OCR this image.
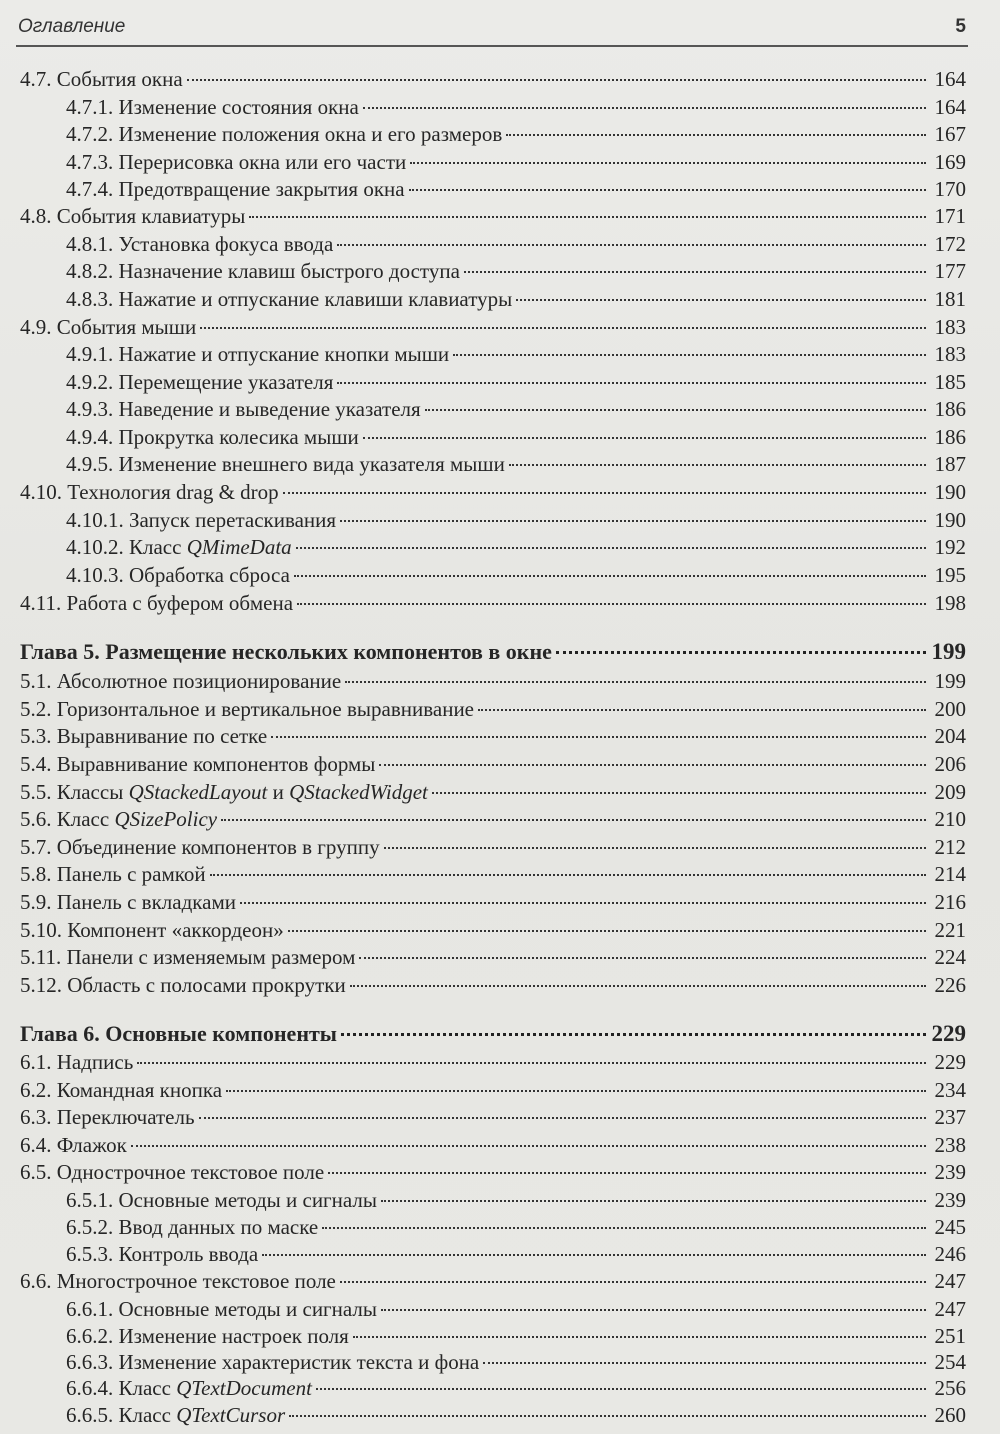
Оглавление	5
4.7. События окна	164
4.7.1. Изменение состояния окна	164
4.7.2. Изменение положения окна и его размеров	167
4.7.3. Перерисовка окна или его части	169
4.7.4. Предотвращение закрытия окна	170
4.8. События клавиатуры	171
4.8.1. Установка фокуса ввода	172
4.8.2. Назначение клавиш быстрого доступа	177
4.8.3. Нажатие и отпускание клавиши клавиатуры	181
4.9. События мыши	183
4.9.1. Нажатие и отпускание кнопки мыши	183
4.9.2. Перемещение указателя	185
4.9.3. Наведение и выведение указателя	186
4.9.4. Прокрутка колесика мыши	186
4.9.5. Изменение внешнего вида указателя мыши	187
4.10. Технология drag & drop	190
4.10.1. Запуск перетаскивания	190
4.10.2. Класс QMimeData	192
4.10.3. Обработка сброса	195
4.11. Работа с буфером обмена	198
Глава 5. Размещение нескольких компонентов в окне	199
5.1. Абсолютное позиционирование	199
5.2. Горизонтальное и вертикальное выравнивание	200
5.3. Выравнивание по сетке	204
5.4. Выравнивание компонентов формы	206
5.5. Классы QStackedLayout и QStackedWidget	209
5.6. Класс QSizePolicy	210
5.7. Объединение компонентов в группу	212
5.8. Панель с рамкой	214
5.9. Панель с вкладками	216
5.10. Компонент «аккордеон»	221
5.11. Панели с изменяемым размером	224
5.12. Область с полосами прокрутки	226
Глава 6. Основные компоненты	229
6.1. Надпись	229
6.2. Командная кнопка	234
6.3. Переключатель	237
6.4. Флажок	238
6.5. Однострочное текстовое поле	239
6.5.1. Основные методы и сигналы	239
6.5.2. Ввод данных по маске	245
6.5.3. Контроль ввода	246
6.6. Многострочное текстовое поле	247
6.6.1. Основные методы и сигналы	247
6.6.2. Изменение настроек поля	251
6.6.3. Изменение характеристик текста и фона	254
6.6.4. Класс QTextDocument	256
6.6.5. Класс QTextCursor	260
